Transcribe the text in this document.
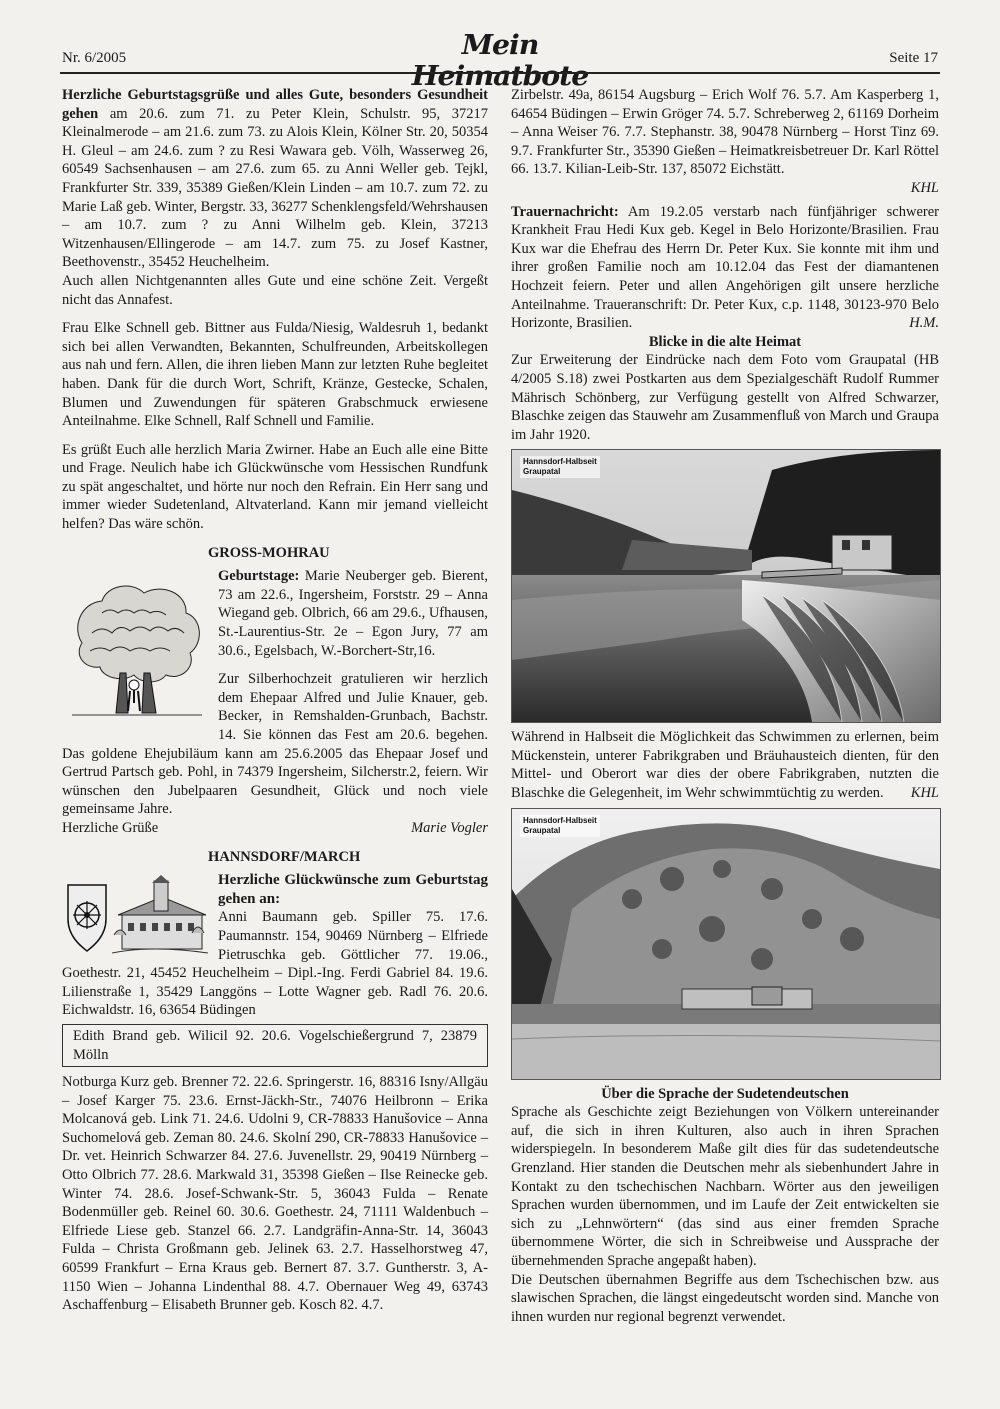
Nr. 6/2005	Mein Heimatbote
Seite 17

Herzliche Geburtstagsgrüße und alles Gute, besonders Gesundheit gehen am 20.6. zum 71. zu Peter Klein, Schulstr. 95, 37217 Kleinalmerode – am 21.6. zum 73. zu Alois Klein, Kölner Str. 20, 50354 H. Gleul – am 24.6. zum ? zu Resi Wawara geb. Völh, Wasserweg 26, 60549 Sachsenhausen – am 27.6. zum 65. zu Anni Weller geb. Tejkl, Frankfurter Str. 339, 35389 Gießen/Klein Linden – am 10.7. zum 72. zu Marie Laß geb. Winter, Bergstr. 33, 36277 Schenklengsfeld/Wehrshausen – am 10.7. zum ? zu Anni Wilhelm geb. Klein, 37213 Witzenhausen/Ellingerode – am 14.7. zum 75. zu Josef Kastner, Beethovenstr., 35452 Heuchelheim.

Auch allen Nichtgenannten alles Gute und eine schöne Zeit. Vergeßt nicht das Annafest.

Frau Elke Schnell geb. Bittner aus Fulda/Niesig, Waldesruh 1, bedankt sich bei allen Verwandten, Bekannten, Schulfreunden, Arbeitskollegen aus nah und fern. Allen, die ihren lieben Mann zur letzten Ruhe begleitet haben. Dank für die durch Wort, Schrift, Kränze, Gestecke, Schalen, Blumen und Zuwendungen für späteren Grabschmuck erwiesene Anteilnahme. Elke Schnell, Ralf Schnell und Familie.

Es grüßt Euch alle herzlich Maria Zwirner. Habe an Euch alle eine Bitte und Frage. Neulich habe ich Glückwünsche vom Hessischen Rundfunk zu spät angeschaltet, und hörte nur noch den Refrain. Ein Herr sang und immer wieder Sudetenland, Altvaterland. Kann mir jemand vielleicht helfen? Das wäre schön.

GROSS-MOHRAU

Geburtstage: Marie Neuberger geb. Bierent, 73 am 22.6., Ingersheim, Forststr. 29 – Anna Wiegand geb. Olbrich, 66 am 29.6., Ufhausen, St.-Laurentius-Str. 2e – Egon Jury, 77 am 30.6., Egelsbach, W.-Borchert-Str,16.

Zur Silberhochzeit gratulieren wir herzlich dem Ehepaar Alfred und Julie Knauer, geb. Becker, in Remshalden-Grunbach, Bachstr. 14. Sie können das Fest am 20.6. begehen. Das goldene Ehejubiläum kann am 25.6.2005 das Ehepaar Josef und Gertrud Partsch geb. Pohl, in 74379 Ingersheim, Silcherstr.2, feiern. Wir wünschen den Jubelpaaren Gesundheit, Glück und noch viele gemeinsame Jahre.

Herzliche Grüße	Marie Vogler

HANNSDORF/MARCH

Herzliche Glückwünsche zum Geburtstag gehen an:

Anni Baumann geb. Spiller 75. 17.6. Paumannstr. 154, 90469 Nürnberg – Elfriede Pietruschka geb. Göttlicher 77. 19.06., Goethestr. 21, 45452 Heuchelheim – Dipl.-Ing. Ferdi Gabriel 84. 19.6. Lilienstraße 1, 35429 Langgöns – Lotte Wagner geb. Radl 76. 20.6. Eichwaldstr. 16, 63654 Büdingen

Edith Brand geb. Wilicil 92. 20.6. Vogelschießergrund 7, 23879 Mölln

Notburga Kurz geb. Brenner 72. 22.6. Springerstr. 16, 88316 Isny/Allgäu – Josef Karger 75. 23.6. Ernst-Jäckh-Str., 74076 Heilbronn – Erika Molcanová geb. Link 71. 24.6. Udolni 9, CR-78833 Hanušovice – Anna Suchomelová geb. Zeman 80. 24.6. Skolní 290, CR-78833 Hanušovice – Dr. vet. Heinrich Schwarzer 84. 27.6. Juvenellstr. 29, 90419 Nürnberg – Otto Olbrich 77. 28.6. Markwald 31, 35398 Gießen – Ilse Reinecke geb. Winter 74. 28.6. Josef-Schwank-Str. 5, 36043 Fulda – Renate Bodenmüller geb. Reinel 60. 30.6. Goethestr. 24, 71111 Waldenbuch – Elfriede Liese geb. Stanzel 66. 2.7. Landgräfin-Anna-Str. 14, 36043 Fulda – Christa Großmann geb. Jelinek 63. 2.7. Hasselhorstweg 47, 60599 Frankfurt – Erna Kraus geb. Bernert 87. 3.7. Guntherstr. 3, A-1150 Wien – Johanna Lindenthal 88. 4.7. Obernauer Weg 49, 63743 Aschaffenburg – Elisabeth Brunner geb. Kosch 82. 4.7.

Zirbelstr. 49a, 86154 Augsburg – Erich Wolf 76. 5.7. Am Kasperberg 1, 64654 Büdingen – Erwin Gröger 74. 5.7. Schreberweg 2, 61169 Dorheim – Anna Weiser 76. 7.7. Stephanstr. 38, 90478 Nürnberg – Horst Tinz 69. 9.7. Frankfurter Str., 35390 Gießen – Heimatkreisbetreuer Dr. Karl Röttel 66. 13.7. Kilian-Leib-Str. 137, 85072 Eichstätt.

KHL

Trauernachricht: Am 19.2.05 verstarb nach fünfjähriger schwerer Krankheit Frau Hedi Kux geb. Kegel in Belo Horizonte/Brasilien. Frau Kux war die Ehefrau des Herrn Dr. Peter Kux. Sie konnte mit ihm und ihrer großen Familie noch am 10.12.04 das Fest der diamantenen Hochzeit feiern. Peter und allen Angehörigen gilt unsere herzliche Anteilnahme. Traueranschrift: Dr. Peter Kux, c.p. 1148, 30123-970 Belo Horizonte, Brasilien.	H.M.

Blicke in die alte Heimat

Zur Erweiterung der Eindrücke nach dem Foto vom Graupatal (HB 4/2005 S.18) zwei Postkarten aus dem Spezialgeschäft Rudolf Rummer Mährisch Schönberg, zur Verfügung gestellt von Alfred Schwarzer, Blaschke zeigen das Stauwehr am Zusammenfluß von March und Graupa im Jahr 1920.

Hannsdorf-Halbseit
Graupatal

Während in Halbseit die Möglichkeit das Schwimmen zu erlernen, beim Mückenstein, unterer Fabrikgraben und Bräuhausteich dienten, für den Mittel- und Oberort war dies der obere Fabrikgraben, nutzten die Blaschke die Gelegenheit, im Wehr schwimmtüchtig zu werden.	KHL

Hannsdorf-Halbseit
Graupatal

Über die Sprache der Sudetendeutschen

Sprache als Geschichte zeigt Beziehungen von Völkern untereinander auf, die sich in ihren Kulturen, also auch in ihren Sprachen widerspiegeln. In besonderem Maße gilt dies für das sudetendeutsche Grenzland. Hier standen die Deutschen mehr als siebenhundert Jahre in Kontakt zu den tschechischen Nachbarn. Wörter aus den jeweiligen Sprachen wurden übernommen, und im Laufe der Zeit entwickelten sie sich zu „Lehnwörtern“ (das sind aus einer fremden Sprache übernommene Wörter, die sich in Schreibweise und Aussprache der übernehmenden Sprache angepaßt haben).

Die Deutschen übernahmen Begriffe aus dem Tschechischen bzw. aus slawischen Sprachen, die längst eingedeutscht worden sind. Manche von ihnen wurden nur regional begrenzt verwendet.
